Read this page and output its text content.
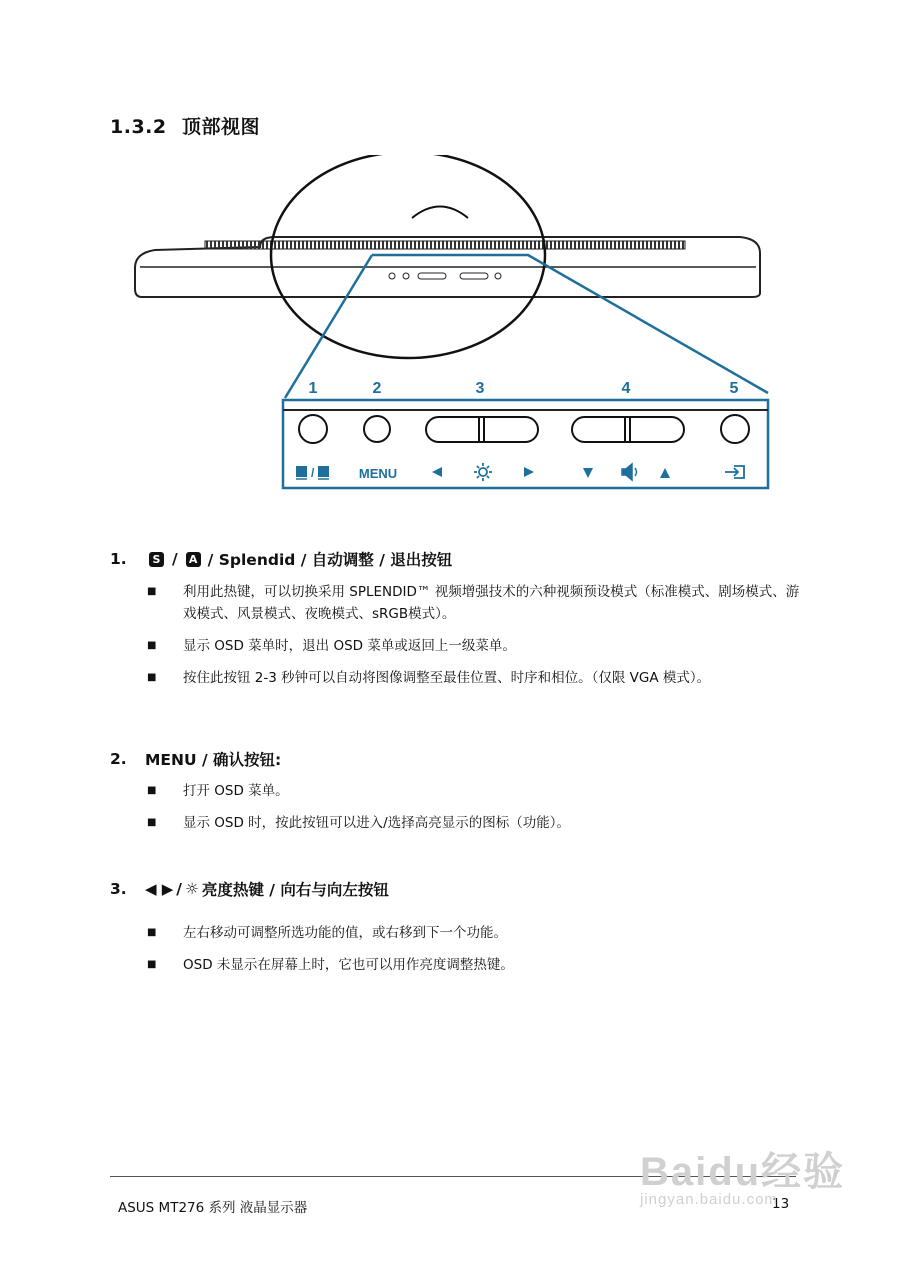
1.3.2 顶部视图
1	2	3	4	5
/	MENU
1.	S / A / Splendid / 自动调整 / 退出按钮

■ 利用此热键，可以切换采用 SPLENDID™ 视频增强技术的六种视频预设模式（标准模式、剧场模式、游戏模式、风景模式、夜晚模式、sRGB模式）。

■ 显示 OSD 菜单时，退出 OSD 菜单或返回上一级菜单。

■ 按住此按钮 2-3 秒钟可以自动将图像调整至最佳位置、时序和相位。（仅限 VGA 模式）。

2.	MENU / 确认按钮:

■ 打开 OSD 菜单。

■ 显示 OSD 时，按此按钮可以进入/选择高亮显示的图标（功能）。

3.	◀ ▶ / ☼ 亮度热键 / 向右与向左按钮

■ 左右移动可调整所选功能的值，或右移到下一个功能。

■ OSD 未显示在屏幕上时，它也可以用作亮度调整热键。

ASUS MT276 系列 液晶显示器	13
Baidu经验
jingyan.baidu.com
